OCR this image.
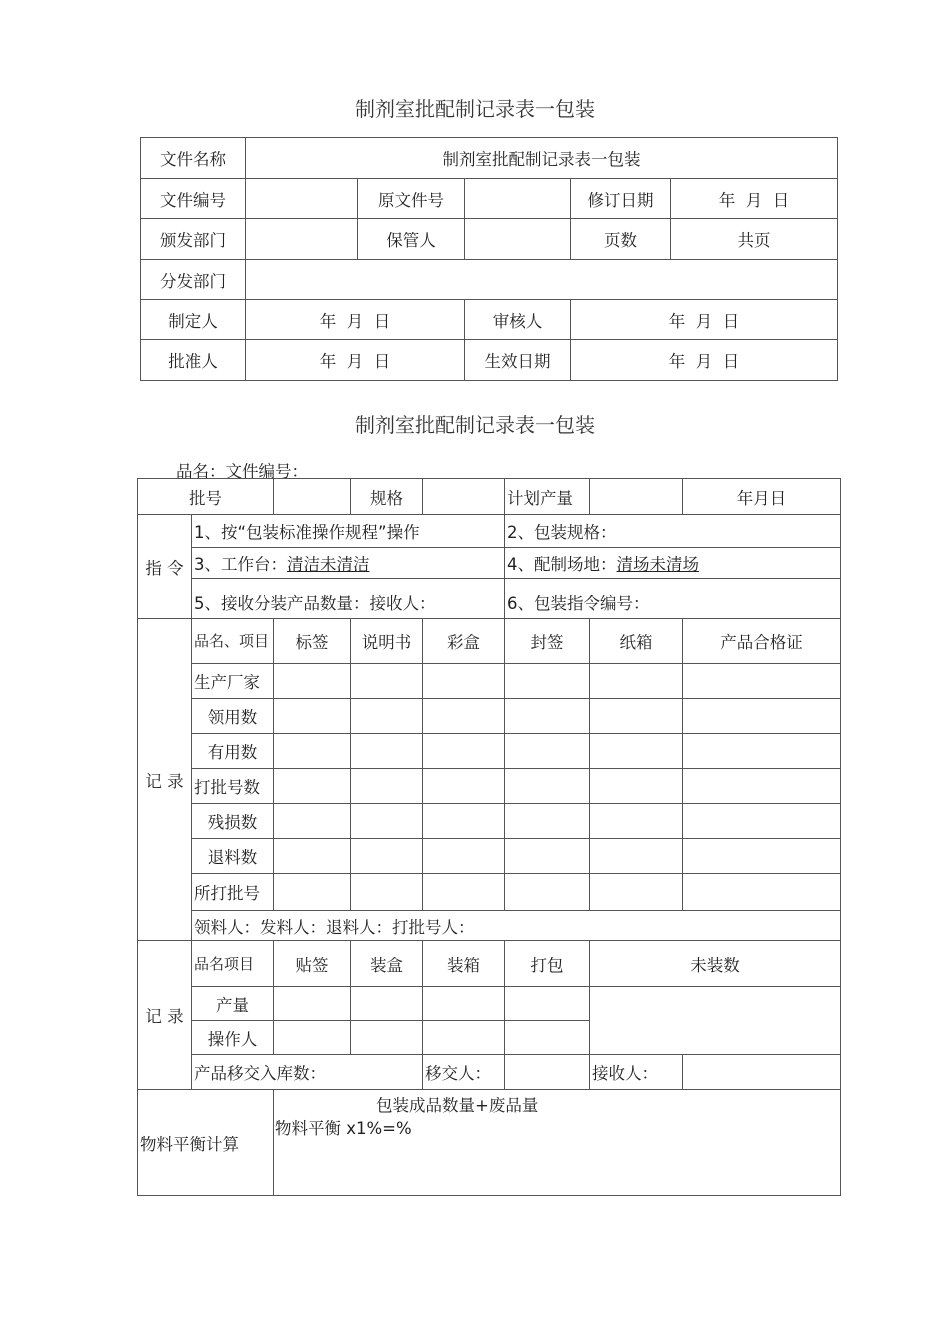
制剂室批配制记录表一包装
文件名称	制剂室批配制记录表一包装				
文件编号		原文件号		修订日期	年  月  日
颁发部门		保管人		页数	共页
分发部门					
制定人	年  月  日		审核人	年  月  日	
批准人	年  月  日		生效日期	年  月  日	
制剂室批配制记录表一包装
品名：文件编号：
批号			规格		计划产量		年月日
指 令	1、按“包装标准操作规程”操作				2、包装规格：		
	3、工作台：清洁未清洁				4、配制场地：清场未清场		
	5、接收分装产品数量：接收人：				6、包装指令编号：		
记 录	品名、项目	标签	说明书	彩盒	封签	纸箱	产品合格证
	生产厂家						
	领用数						
	有用数						
	打批号数						
	残损数						
	退料数						
	所打批号						
	领料人：发料人：退料人：打批号人：						
记 录	品名项目	贴签	装盒	装箱	打包	未装数	
	产量						
	操作人						
	产品移交入库数：			移交人：		接收人：	
物料平衡计算		包装成品数量+废品量
物料平衡 x1%=%					
